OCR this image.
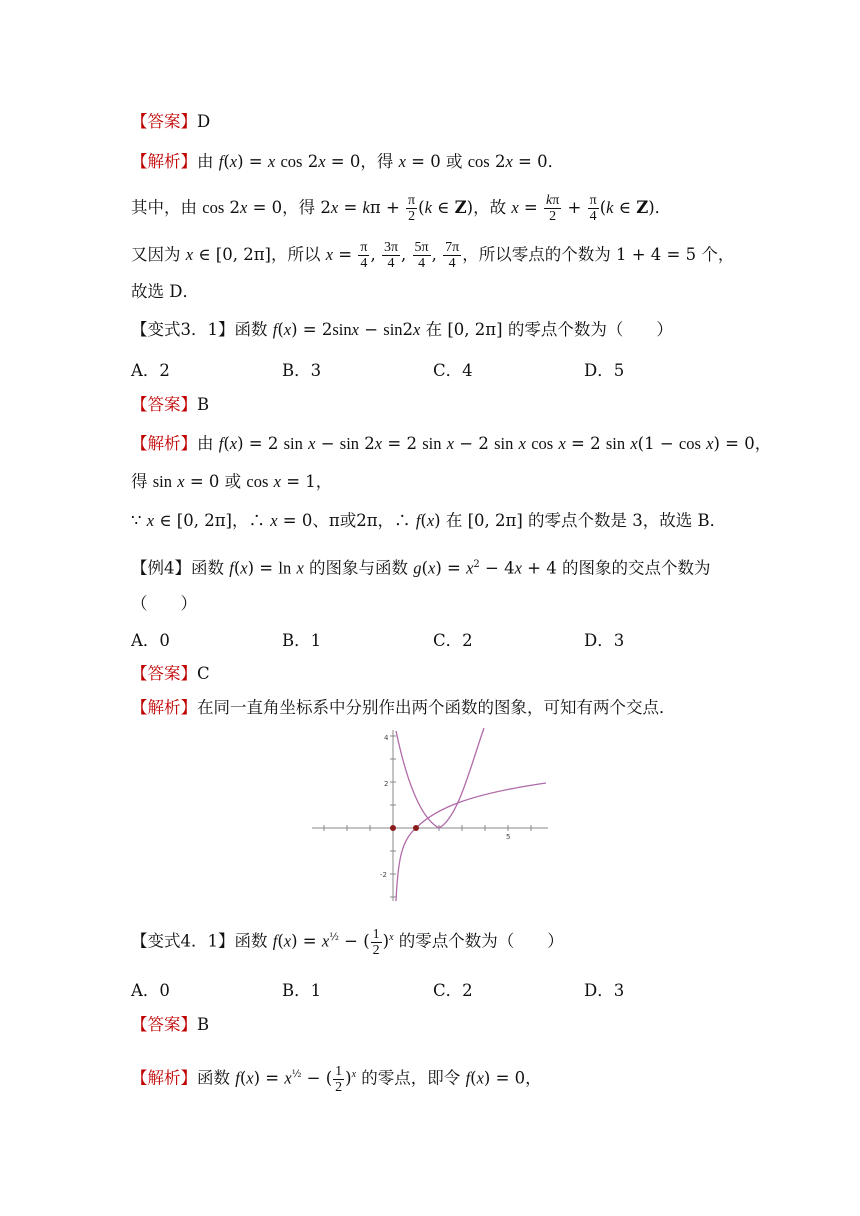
【答案】D
【解析】由 f(x) = x cos 2x = 0，得 x = 0 或 cos 2x = 0．
其中，由 cos 2x = 0，得 $2x = k\pi + \frac{\pi}{2} (k$ ∈ Z)，故 $x = \frac{k\pi}{2} + \frac{\pi}{4} (k$ ∈ Z)．
又因为 x ∈ [0, 2π]，所以 $x = \frac{\pi}{4}$ , $\frac{3\pi}{4}$ , $\frac{5\pi}{4}$ , $\frac{7\pi}{4}$ ，所以零点的个数为 1 + 4 = 5 个，
故选 D．
【变式3．1】函数 f(x) = 2sinx − sin2x 在 [0, 2π] 的零点个数为（　　）
A．2	B．3	C．4	D．5
【答案】B
【解析】由 f(x) = 2 sin x − sin 2x = 2 sin x − 2 sin x cos x = 2 sin x(1 − cos x) = 0，
得 sin x = 0 或 cos x = 1，
∵ x ∈ [0, 2π]，∴ x = 0、π或2π，∴ f(x) 在 [0, 2π] 的零点个数是 3，故选 B．
【例4】函数 f(x) = ln x 的图象与函数 $g(x) = x^2 - 4x + 4$ 的图象的交点个数为
（　　）
A．0	B．1	C．2	D．3
【答案】C
【解析】在同一直角坐标系中分别作出两个函数的图象，可知有两个交点．
4
2
-2
5
【变式4．1】函数 $f(x) = x^{\frac{1}{2}}$ − ( $\frac{1}{2} )^x$ 的零点个数为（　　）
A．0	B．1	C．2	D．3
【答案】B
【解析】函数 $f(x) = x^{\frac{1}{2}}$ − ( $\frac{1}{2} )^x$ 的零点，即令 f(x) = 0，
